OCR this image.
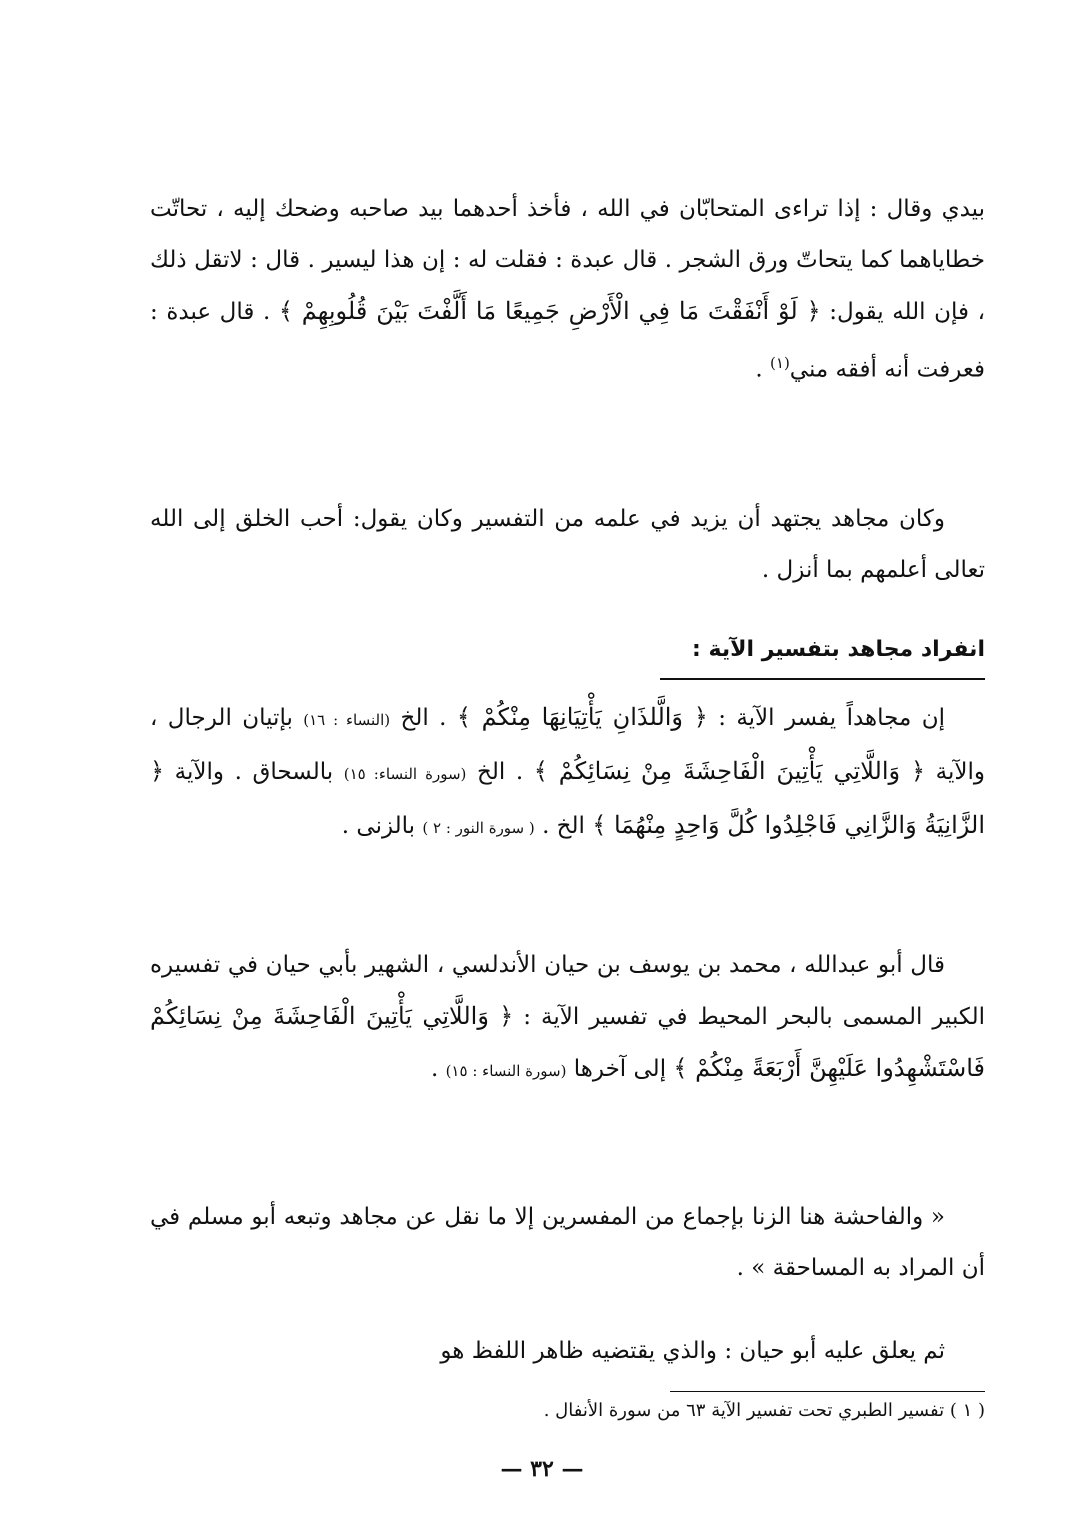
بيدي وقال : إذا تراءى المتحابّان في الله ، فأخذ أحدهما بيد صاحبه وضحك إليه ، تحاتّت خطاياهما كما يتحاتّ ورق الشجر . قال عبدة : فقلت له : إن هذا ليسير . قال : لاتقل ذلك ، فإن الله يقول: ﴿ لَوْ أَنْفَقْتَ مَا فِي الْأَرْضِ جَمِيعًا مَا أَلَّفْتَ بَيْنَ قُلُوبِهِمْ ﴾ . قال عبدة : فعرفت أنه أفقه مني$^{(١)}$ .

وكان مجاهد يجتهد أن يزيد في علمه من التفسير وكان يقول: أحب الخلق إلى الله تعالى أعلمهم بما أنزل .

انفراد مجاهد بتفسير الآية :

إن مجاهداً يفسر الآية : ﴿ وَالَّلذَانِ يَأْتِيَانِهَا مِنْكُمْ ﴾ . الخ (النساء : ١٦) بإتيان الرجال ، والآية ﴿ وَاللَّاتِي يَأْتِينَ الْفَاحِشَةَ مِنْ نِسَائِكُمْ ﴾ . الخ (سورة النساء: ١٥) بالسحاق . والآية ﴿ الزَّانِيَةُ وَالزَّانِي فَاجْلِدُوا كُلَّ وَاحِدٍ مِنْهُمَا ﴾ الخ . ( سورة النور : ٢ ) بالزنى .

قال أبو عبدالله ، محمد بن يوسف بن حيان الأندلسي ، الشهير بأبي حيان في تفسيره الكبير المسمى بالبحر المحيط في تفسير الآية : ﴿ وَاللَّاتِي يَأْتِينَ الْفَاحِشَةَ مِنْ نِسَائِكُمْ فَاسْتَشْهِدُوا عَلَيْهِنَّ أَرْبَعَةً مِنْكُمْ ﴾ إلى آخرها (سورة النساء : ١٥) .

« والفاحشة هنا الزنا بإجماع من المفسرين إلا ما نقل عن مجاهد وتبعه أبو مسلم في أن المراد به المساحقة » .

ثم يعلق عليه أبو حيان : والذي يقتضيه ظاهر اللفظ هو

( ١ ) تفسير الطبري تحت تفسير الآية ٦٣ من سورة الأنفال .
— ٣٢ —
